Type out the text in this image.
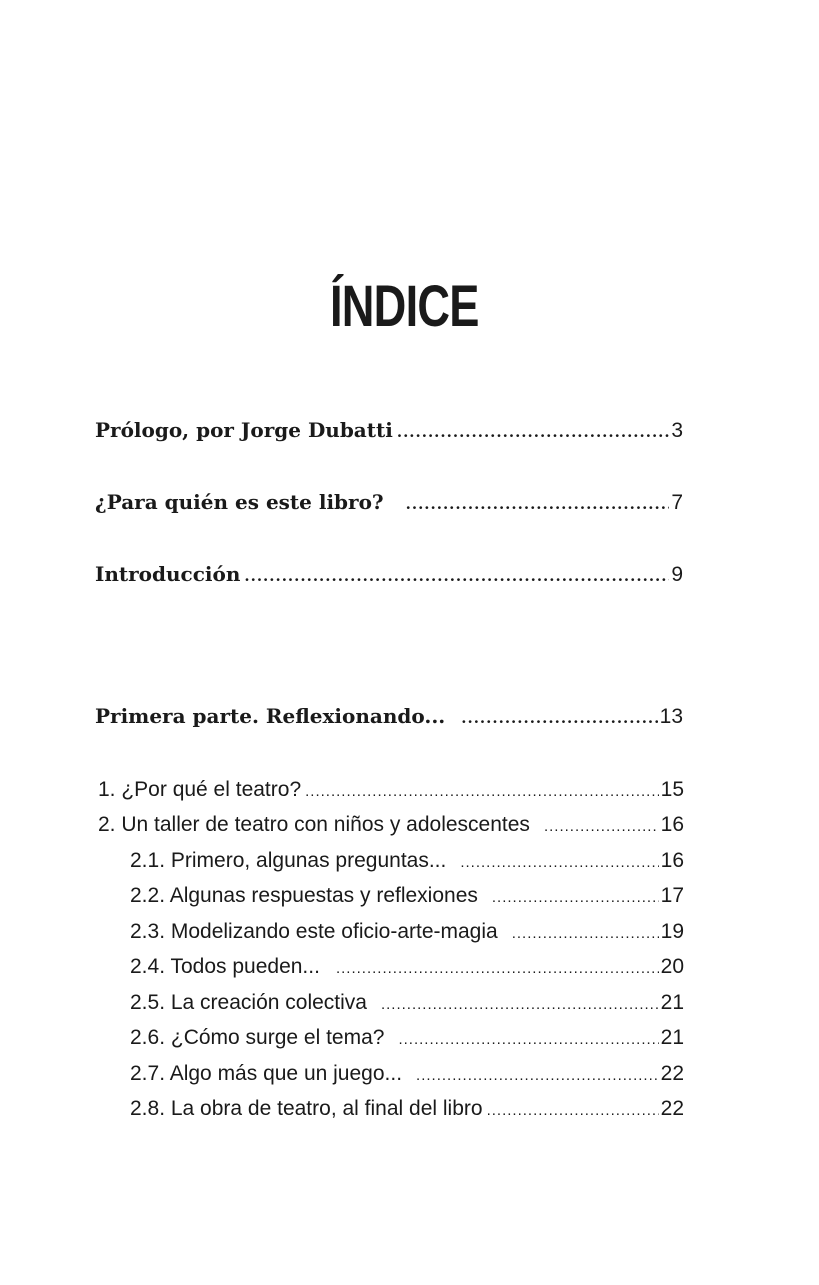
ÍNDICE
Prólogo, por Jorge Dubatti .....	3
¿Para quién es este libro? .....	7
Introducción .....	9
Primera parte. Reflexionando... .....	13
1. ¿Por qué el teatro? .....	15
2. Un taller de teatro con niños y adolescentes .....	16
2.1. Primero, algunas preguntas... .....	16
2.2. Algunas respuestas y reflexiones .....	17
2.3. Modelizando este oficio-arte-magia .....	19
2.4. Todos pueden... .....	20
2.5. La creación colectiva .....	21
2.6. ¿Cómo surge el tema? .....	21
2.7. Algo más que un juego... .....	22
2.8. La obra de teatro, al final del libro .....	22
